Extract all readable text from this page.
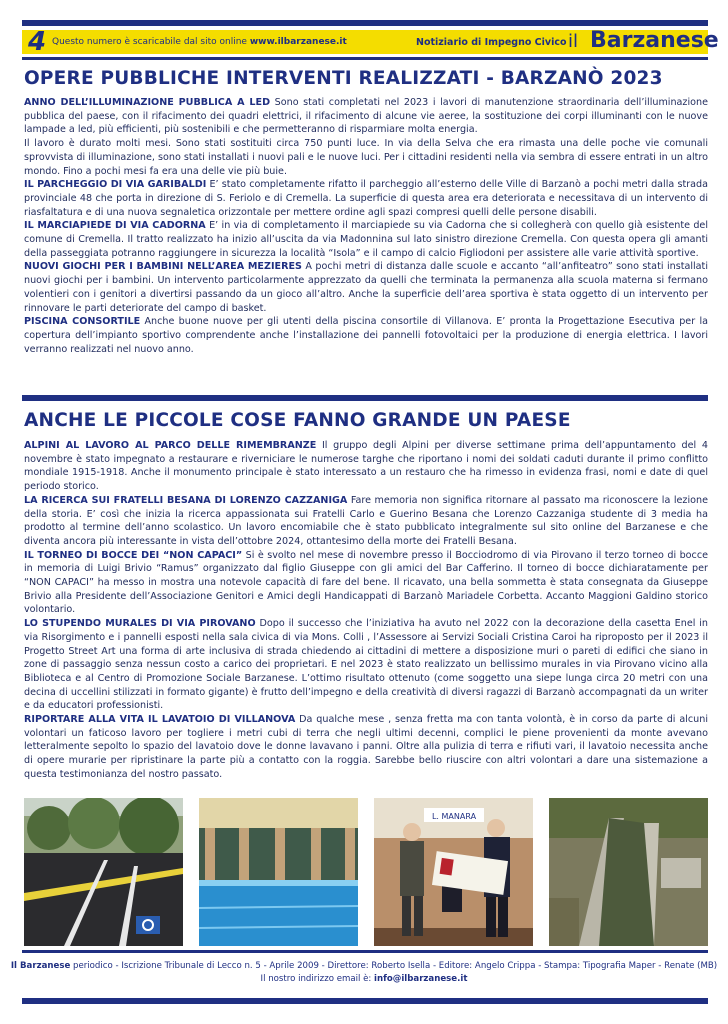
4 Questo numero è scaricabile dal sito online www.ilbarzanese.it	Notiziario di Impegno Civico il Barzanese
OPERE PUBBLICHE INTERVENTI REALIZZATI - BARZANÒ 2023

ANNO DELL’ILLUMINAZIONE PUBBLICA A LED Sono stati completati nel 2023 i lavori di manutenzione straordinaria dell’illuminazione pubblica del paese, con il rifacimento dei quadri elettrici, il rifacimento di alcune vie aeree, la sostituzione dei corpi illuminanti con le nuove lampade a led, più efficienti, più sostenibili e che permetteranno di risparmiare molta energia.

Il lavoro è durato molti mesi. Sono stati sostituiti circa 750 punti luce. In via della Selva che era rimasta una delle poche vie comunali sprovvista di illuminazione, sono stati installati i nuovi pali e le nuove luci. Per i cittadini residenti nella via sembra di essere entrati in un altro mondo. Fino a pochi mesi fa era una delle vie più buie.

IL PARCHEGGIO DI VIA GARIBALDI E’ stato completamente rifatto il parcheggio all’esterno delle Ville di Barzanò a pochi metri dalla strada provinciale 48 che porta in direzione di S. Feriolo e di Cremella. La superficie di questa area era deteriorata e necessitava di un intervento di riasfaltatura e di una nuova segnaletica orizzontale per mettere ordine agli spazi compresi quelli delle persone disabili.

IL MARCIAPIEDE DI VIA CADORNA E’ in via di completamento il marciapiede su via Cadorna che si collegherà con quello già esistente del comune di Cremella. Il tratto realizzato ha inizio all’uscita da via Madonnina sul lato sinistro direzione Cremella. Con questa opera gli amanti della passeggiata potranno raggiungere in sicurezza la località “Isola” e il campo di calcio Figliodoni per assistere alle varie attività sportive.

NUOVI GIOCHI PER I BAMBINI NELL’AREA MEZIERES A pochi metri di distanza dalle scuole e accanto “all’anfiteatro” sono stati installati nuovi giochi per i bambini. Un intervento particolarmente apprezzato da quelli che terminata la permanenza alla scuola materna si fermano volentieri con i genitori a divertirsi passando da un gioco all’altro. Anche la superficie dell’area sportiva è stata oggetto di un intervento per rinnovare le parti deteriorate del campo di basket.

PISCINA CONSORTILE Anche buone nuove per gli utenti della piscina consortile di Villanova. E’ pronta la Progettazione Esecutiva per la copertura dell’impianto sportivo comprendente anche l’installazione dei pannelli fotovoltaici per la produzione di energia elettrica. I lavori verranno realizzati nel nuovo anno.

ANCHE LE PICCOLE COSE FANNO GRANDE UN PAESE

ALPINI AL LAVORO AL PARCO DELLE RIMEMBRANZE Il gruppo degli Alpini per diverse settimane prima dell’appuntamento del 4 novembre è stato impegnato a restaurare e riverniciare le numerose targhe che riportano i nomi dei soldati caduti durante il primo conflitto mondiale 1915-1918. Anche il monumento principale è stato interessato a un restauro che ha rimesso in evidenza frasi, nomi e date di quel periodo storico.

LA RICERCA SUI FRATELLI BESANA DI LORENZO CAZZANIGA Fare memoria non significa ritornare al passato ma riconoscere la lezione della storia. E’ così che inizia la ricerca appassionata sui Fratelli Carlo e Guerino Besana che Lorenzo Cazzaniga studente di 3 media ha prodotto al termine dell’anno scolastico. Un lavoro encomiabile che è stato pubblicato integralmente sul sito online del Barzanese e che diventa ancora più interessante in vista dell’ottobre 2024, ottantesimo della morte dei Fratelli Besana.

IL TORNEO DI BOCCE DEI “NON CAPACI” Si è svolto nel mese di novembre presso il Bocciodromo di via Pirovano il terzo torneo di bocce in memoria di Luigi Brivio “Ramus” organizzato dal figlio Giuseppe con gli amici del Bar Cafferino. Il torneo di bocce dichiaratamente per “NON CAPACI” ha messo in mostra una notevole capacità di fare del bene. Il ricavato, una bella sommetta è stata consegnata da Giuseppe Brivio alla Presidente dell’Associazione Genitori e Amici degli Handicappati di Barzanò Mariadele Corbetta. Accanto Maggioni Galdino storico volontario.

LO STUPENDO MURALES DI VIA PIROVANO Dopo il successo che l’iniziativa ha avuto nel 2022 con la decorazione della casetta Enel in via Risorgimento e i pannelli esposti nella sala civica di via Mons. Colli , l’Assessore ai Servizi Sociali Cristina Caroi ha riproposto per il 2023 il Progetto Street Art una forma di arte inclusiva di strada chiedendo ai cittadini di mettere a disposizione muri o pareti di edifici che siano in zone di passaggio senza nessun costo a carico dei proprietari. E nel 2023 è stato realizzato un bellissimo murales in via Pirovano vicino alla Biblioteca e al Centro di Promozione Sociale Barzanese. L’ottimo risultato ottenuto (come soggetto una siepe lunga circa 20 metri con una decina di uccellini stilizzati in formato gigante) è frutto dell’impegno e della creatività di diversi ragazzi di Barzanò accompagnati da un writer e da educatori professionisti.

RIPORTARE ALLA VITA IL LAVATOIO DI VILLANOVA Da qualche mese , senza fretta ma con tanta volontà, è in corso da parte di alcuni volontari un faticoso lavoro per togliere i metri cubi di terra che negli ultimi decenni, complici le piene provenienti da monte avevano letteralmente sepolto lo spazio del lavatoio dove le donne lavavano i panni. Oltre alla pulizia di terra e rifiuti vari, il lavatoio necessita anche di opere murarie per ripristinare la parte più a contatto con la roggia. Sarebbe bello riuscire con altri volontari a dare una sistemazione a questa testimonianza del nostro passato.

L. MANARA
Il Barzanese periodico - Iscrizione Tribunale di Lecco n. 5 - Aprile 2009 - Direttore: Roberto Isella - Editore: Angelo Crippa - Stampa: Tipografia Maper - Renate (MB)
Il nostro indirizzo email è: info@ilbarzanese.it
